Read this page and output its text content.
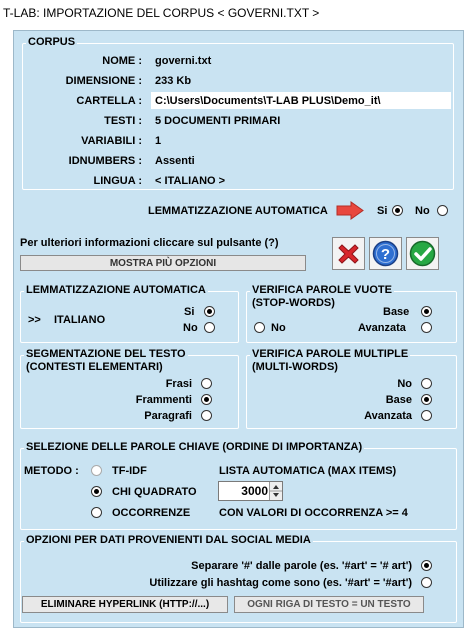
T-LAB: IMPORTAZIONE DEL CORPUS < GOVERNI.TXT >
CORPUS
NOME : governi.txt
DIMENSIONE : 233 Kb
CARTELLA : C:\Users\Documents\T-LAB PLUS\Demo_it\
TESTI : 5 DOCUMENTI PRIMARI
VARIABILI : 1
IDNUMBERS : Assenti
LINGUA : < ITALIANO >
LEMMATIZZAZIONE AUTOMATICA	Si	No
Per ulteriori informazioni cliccare sul pulsante (?)
MOSTRA PIÙ OPZIONI
?
LEMMATIZZAZIONE AUTOMATICA
>> ITALIANO
Si
No
VERIFICA PAROLE VUOTE
(STOP-WORDS)
Base
No	Avanzata
SEGMENTAZIONE DEL TESTO
(CONTESTI ELEMENTARI)
Frasi
Frammenti
Paragrafi
VERIFICA PAROLE MULTIPLE
(MULTI-WORDS)
No
Base
Avanzata
SELEZIONE DELLE PAROLE CHIAVE (ORDINE DI IMPORTANZA)
METODO :	TF-IDF
CHI QUADRATO
OCCORRENZE
LISTA AUTOMATICA (MAX ITEMS)
3000
CON VALORI DI OCCORRENZA >= 4
OPZIONI PER DATI PROVENIENTI DAL SOCIAL MEDIA
Separare '#' dalle parole (es. '#art' = '# art')
Utilizzare gli hashtag come sono (es. '#art' = '#art')
ELIMINARE HYPERLINK (HTTP://...)	OGNI RIGA DI TESTO = UN TESTO
